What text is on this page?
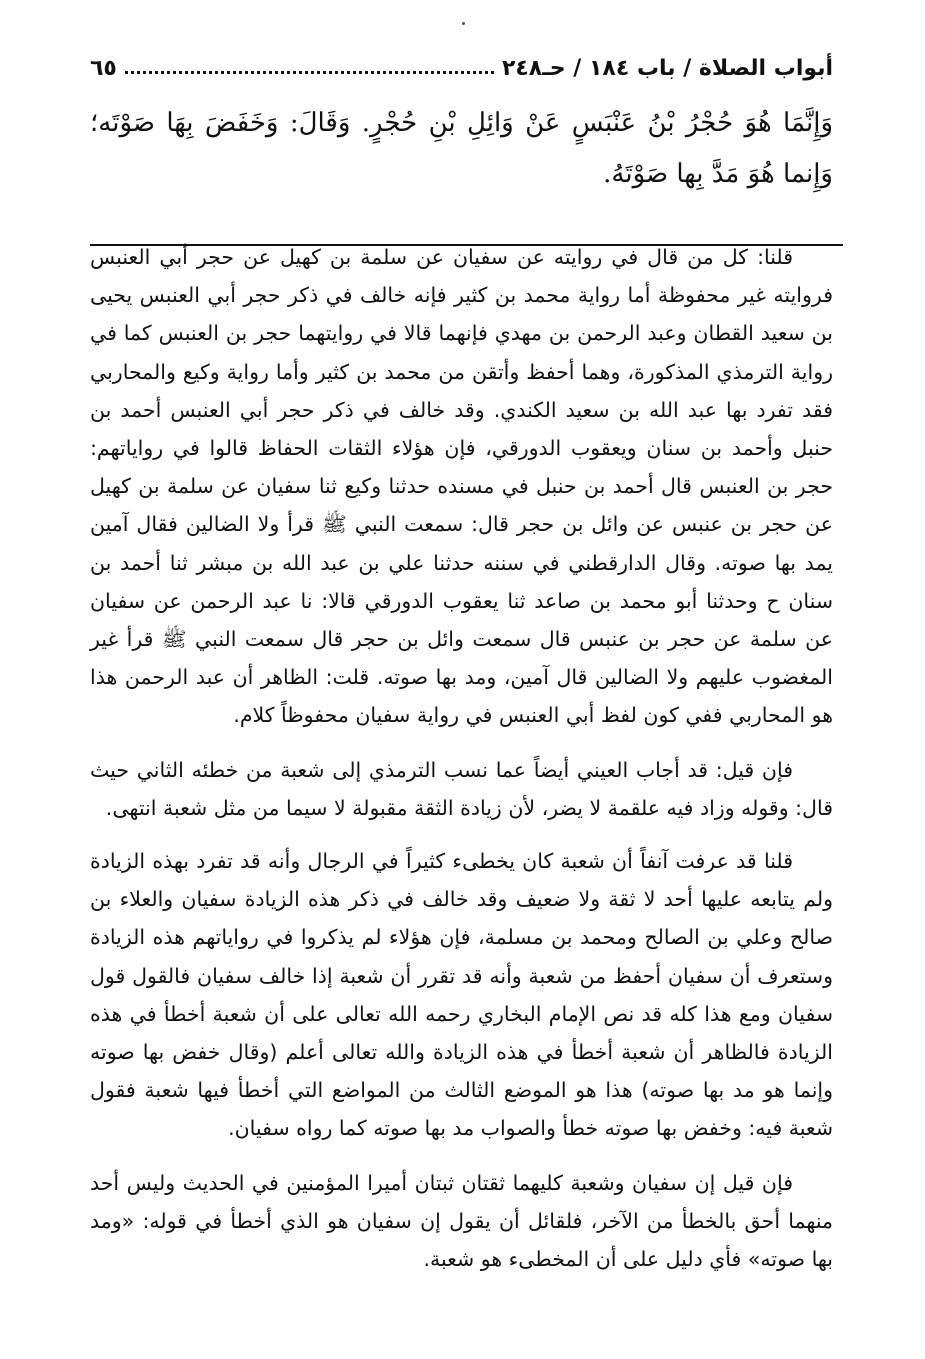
أبواب الصلاة / باب ١٨٤ / حـ٢٤٨
٦٥

وَإِنَّمَا هُوَ حُجْرُ بْنُ عَنْبَسٍ عَنْ وَائِلِ بْنِ حُجْرٍ. وَقَالَ: وَخَفَضَ بِهَا صَوْتَه؛ وَإِنما هُوَ مَدَّ بِها صَوْتَهُ.

قلنا: كل من قال في روايته عن سفيان عن سلمة بن كهيل عن حجر أبي العنبس فروايته غير محفوظة أما رواية محمد بن كثير فإنه خالف في ذكر حجر أبي العنبس يحيى بن سعيد القطان وعبد الرحمن بن مهدي فإنهما قالا في روايتهما حجر بن العنبس كما في رواية الترمذي المذكورة، وهما أحفظ وأتقن من محمد بن كثير وأما رواية وكيع والمحاربي فقد تفرد بها عبد الله بن سعيد الكندي. وقد خالف في ذكر حجر أبي العنبس أحمد بن حنبل وأحمد بن سنان ويعقوب الدورقي، فإن هؤلاء الثقات الحفاظ قالوا في رواياتهم: حجر بن العنبس قال أحمد بن حنبل في مسنده حدثنا وكيع ثنا سفيان عن سلمة بن كهيل عن حجر بن عنبس عن وائل بن حجر قال: سمعت النبي ﷺ قرأ ولا الضالين فقال آمين يمد بها صوته. وقال الدارقطني في سننه حدثنا علي بن عبد الله بن مبشر ثنا أحمد بن سنان ح وحدثنا أبو محمد بن صاعد ثنا يعقوب الدورقي قالا: نا عبد الرحمن عن سفيان عن سلمة عن حجر بن عنبس قال سمعت وائل بن حجر قال سمعت النبي ﷺ قرأ غير المغضوب عليهم ولا الضالين قال آمين، ومد بها صوته. قلت: الظاهر أن عبد الرحمن هذا هو المحاربي ففي كون لفظ أبي العنبس في رواية سفيان محفوظاً كلام.

فإن قيل: قد أجاب العيني أيضاً عما نسب الترمذي إلى شعبة من خطئه الثاني حيث قال: وقوله وزاد فيه علقمة لا يضر، لأن زيادة الثقة مقبولة لا سيما من مثل شعبة انتهى.

قلنا قد عرفت آنفاً أن شعبة كان يخطىء كثيراً في الرجال وأنه قد تفرد بهذه الزيادة ولم يتابعه عليها أحد لا ثقة ولا ضعيف وقد خالف في ذكر هذه الزيادة سفيان والعلاء بن صالح وعلي بن الصالح ومحمد بن مسلمة، فإن هؤلاء لم يذكروا في رواياتهم هذه الزيادة وستعرف أن سفيان أحفظ من شعبة وأنه قد تقرر أن شعبة إذا خالف سفيان فالقول قول سفيان ومع هذا كله قد نص الإمام البخاري رحمه الله تعالى على أن شعبة أخطأ في هذه الزيادة فالظاهر أن شعبة أخطأ في هذه الزيادة والله تعالى أعلم (وقال خفض بها صوته وإنما هو مد بها صوته) هذا هو الموضع الثالث من المواضع التي أخطأ فيها شعبة فقول شعبة فيه: وخفض بها صوته خطأ والصواب مد بها صوته كما رواه سفيان.

فإن قيل إن سفيان وشعبة كليهما ثقتان ثبتان أميرا المؤمنين في الحديث وليس أحد منهما أحق بالخطأ من الآخر، فلقائل أن يقول إن سفيان هو الذي أخطأ في قوله: «ومد بها صوته» فأي دليل على أن المخطىء هو شعبة.
